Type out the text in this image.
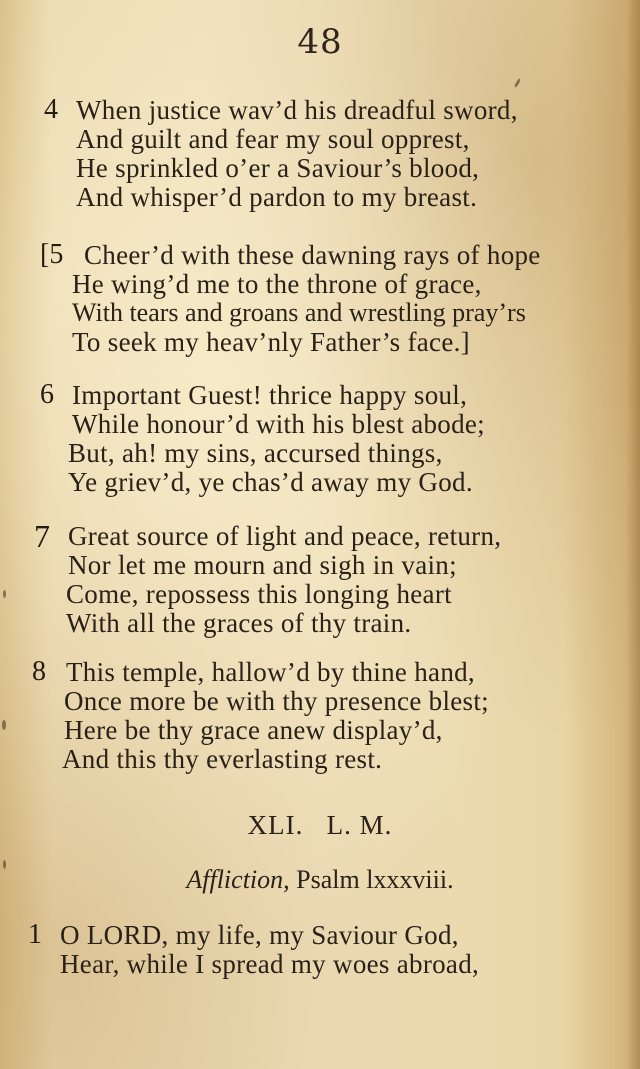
48
4 When justice wav’d his dreadful sword,
And guilt and fear my soul opprest,
He sprinkled o’er a Saviour’s blood,
And whisper’d pardon to my breast.
[5 Cheer’d with these dawning rays of hope
He wing’d me to the throne of grace,
With tears and groans and wrestling pray’rs
To seek my heav’nly Father’s face.]
6 Important Guest! thrice happy soul,
While honour’d with his blest abode;
But, ah! my sins, accursed things,
Ye griev’d, ye chas’d away my God.
7 Great source of light and peace, return,
Nor let me mourn and sigh in vain;
Come, repossess this longing heart
With all the graces of thy train.
8 This temple, hallow’d by thine hand,
Once more be with thy presence blest;
Here be thy grace anew display’d,
And this thy everlasting rest.
XLI.   L. M.
Affliction, Psalm lxxxviii.
1 O LORD, my life, my Saviour God,
Hear, while I spread my woes abroad,
